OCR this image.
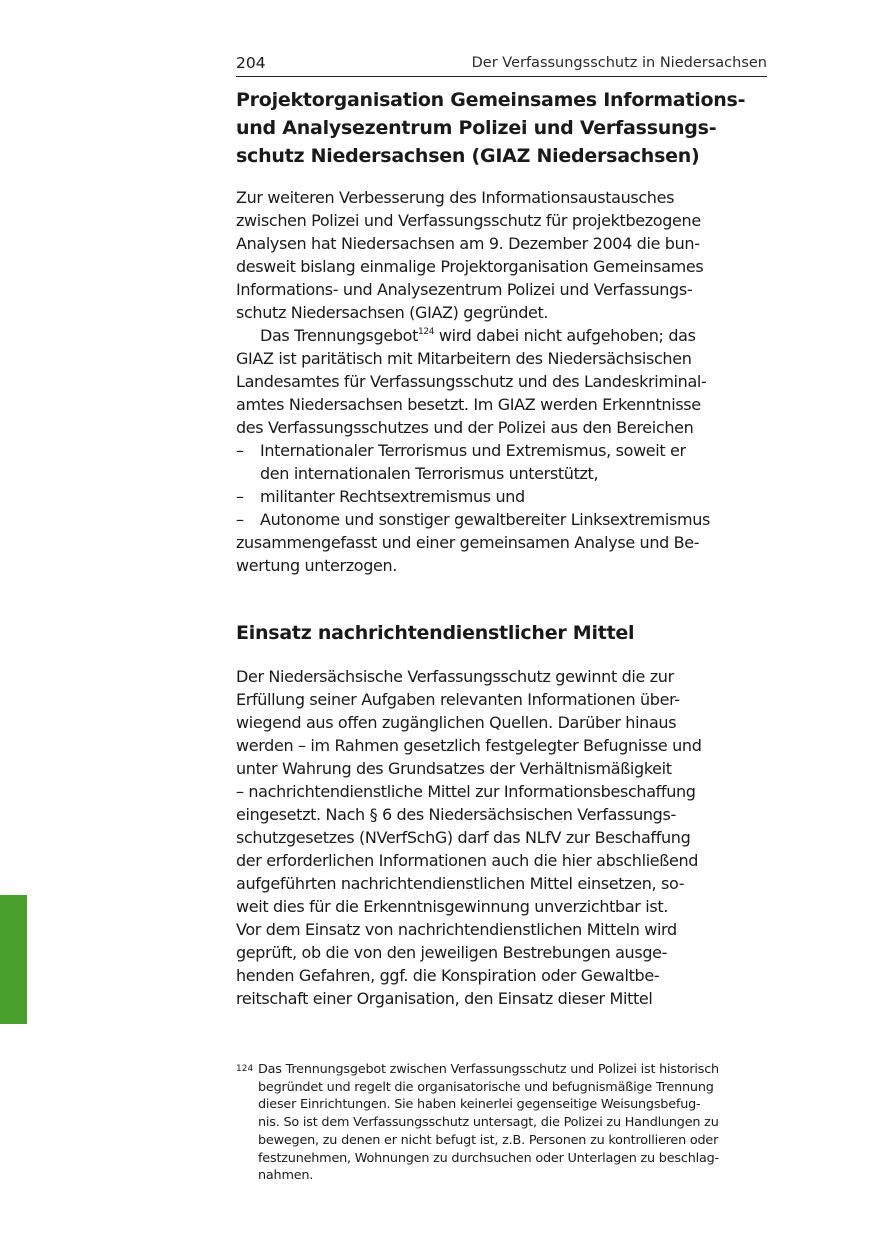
204	Der Verfassungsschutz in Niedersachsen
Projektorganisation Gemeinsames Informations-
und Analysezentrum Polizei und Verfassungs-
schutz Niedersachsen (GIAZ Niedersachsen)
Zur weiteren Verbesserung des Informationsaustausches
zwischen Polizei und Verfassungsschutz für projektbezogene
Analysen hat Niedersachsen am 9. Dezember 2004 die bun-
desweit bislang einmalige Projektorganisation Gemeinsames
Informations- und Analysezentrum Polizei und Verfassungs-
schutz Niedersachsen (GIAZ) gegründet.
Das Trennungsgebot$^{124}$ wird dabei nicht aufgehoben; das
GIAZ ist paritätisch mit Mitarbeitern des Niedersächsischen
Landesamtes für Verfassungsschutz und des Landeskriminal-
amtes Niedersachsen besetzt. Im GIAZ werden Erkenntnisse
des Verfassungsschutzes und der Polizei aus den Bereichen
–	Internationaler Terrorismus und Extremismus, soweit er
den internationalen Terrorismus unterstützt,
–	militanter Rechtsextremismus und
–	Autonome und sonstiger gewaltbereiter Linksextremismus
zusammengefasst und einer gemeinsamen Analyse und Be-
wertung unterzogen.
Einsatz nachrichtendienstlicher Mittel
Der Niedersächsische Verfassungsschutz gewinnt die zur
Erfüllung seiner Aufgaben relevanten Informationen über-
wiegend aus offen zugänglichen Quellen. Darüber hinaus
werden – im Rahmen gesetzlich festgelegter Befugnisse und
unter Wahrung des Grundsatzes der Verhältnismäßigkeit
– nachrichtendienstliche Mittel zur Informationsbeschaffung
eingesetzt. Nach § 6 des Niedersächsischen Verfassungs-
schutzgesetzes (NVerfSchG) darf das NLfV zur Beschaffung
der erforderlichen Informationen auch die hier abschließend
aufgeführten nachrichtendienstlichen Mittel einsetzen, so-
weit dies für die Erkenntnisgewinnung unverzichtbar ist.
Vor dem Einsatz von nachrichtendienstlichen Mitteln wird
geprüft, ob die von den jeweiligen Bestrebungen ausge-
henden Gefahren, ggf. die Konspiration oder Gewaltbe-
reitschaft einer Organisation, den Einsatz dieser Mittel
124 Das Trennungsgebot zwischen Verfassungsschutz und Polizei ist historisch
begründet und regelt die organisatorische und befugnismäßige Trennung
dieser Einrichtungen. Sie haben keinerlei gegenseitige Weisungsbefug-
nis. So ist dem Verfassungsschutz untersagt, die Polizei zu Handlungen zu
bewegen, zu denen er nicht befugt ist, z.B. Personen zu kontrollieren oder
festzunehmen, Wohnungen zu durchsuchen oder Unterlagen zu beschlag-
nahmen.
